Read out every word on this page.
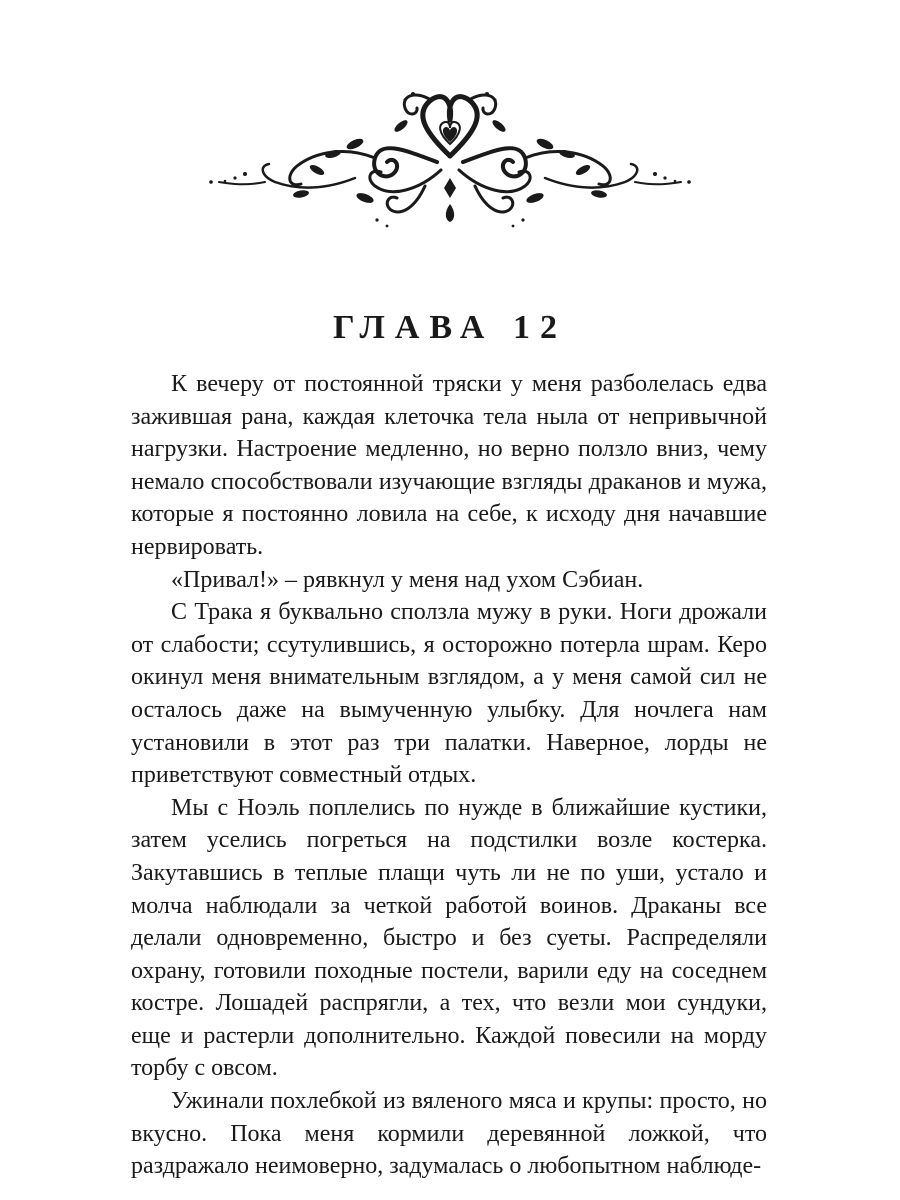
ГЛАВА 12

К вечеру от постоянной тряски у меня разболелась едва зажившая рана, каждая клеточка тела ныла от непривычной нагрузки. Настроение медленно, но верно ползло вниз, чему немало способствовали изучающие взгляды драканов и мужа, которые я постоянно ловила на себе, к исходу дня начавшие нервировать.

«Привал!» – рявкнул у меня над ухом Сэбиан.

С Трака я буквально сползла мужу в руки. Ноги дрожали от слабости; ссутулившись, я осторожно потерла шрам. Керо окинул меня внимательным взглядом, а у меня самой сил не осталось даже на вымученную улыбку. Для ночлега нам установили в этот раз три палатки. Наверное, лорды не приветствуют совместный отдых.

Мы с Ноэль поплелись по нужде в ближайшие кустики, затем уселись погреться на подстилки возле костерка. Закутавшись в теплые плащи чуть ли не по уши, устало и молча наблюдали за четкой работой воинов. Драканы все делали одновременно, быстро и без суеты. Распределяли охрану, готовили походные постели, варили еду на соседнем костре. Лошадей распрягли, а тех, что везли мои сундуки, еще и растерли дополнительно. Каждой повесили на морду торбу с овсом.

Ужинали похлебкой из вяленого мяса и крупы: просто, но вкусно. Пока меня кормили деревянной ложкой, что раздражало неимоверно, задумалась о любопытном наблюде-
